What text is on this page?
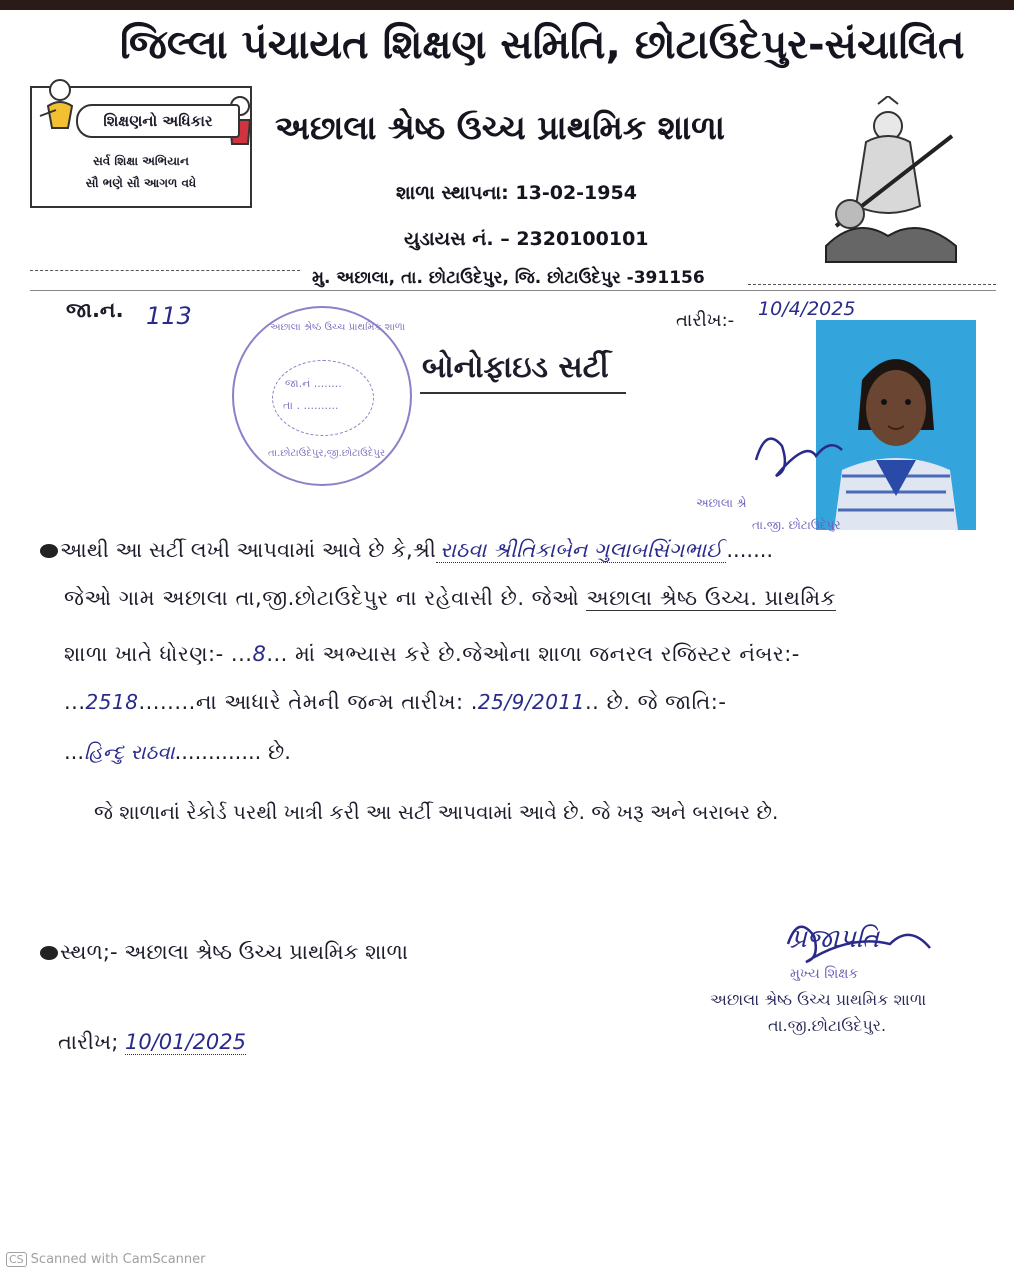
જિલ્લા પંચાયત શિક્ષણ સમિતિ, છોટાઉદેપુર-સંચાલિત
શિક્ષણનો અધિકાર
સર્વ શિક્ષા અભિયાન
સૌ ભણે સૌ આગળ વધે
અછાલા શ્રેષ્ઠ ઉચ્ચ પ્રાથમિક શાળા
શાળા સ્થાપના: 13-02-1954
યુડાયસ નં. – 2320100101
મુ. અછાલા, તા. છોટાઉદેપુર, જિ. છોટાઉદેપુર -391156
જા.ન. 113	તારીખ:-
10/4/2025
અછાલા શ્રેષ્ઠ ઉચ્ચ પ્રાથમિક શાળા
જા.નં ........
તા . ..........
તા.છોટાઉદેપુર,જી.છોટાઉદેપુર
બોનોફાઇડ સર્ટી
અછાલા શ્રે
તા.જી. છોટાઉદેપુર
આથી આ સર્ટી લખી આપવામાં આવે છે કે,શ્રી રાઠવા શ્રીતિકાબેન ગુલાબસિંગભાઈ .......
જેઓ ગામ અછાલા તા,જી.છોટાઉદેપુર ના રહેવાસી છે. જેઓ અછાલા શ્રેષ્ઠ ઉચ્ચ. પ્રાથમિક
શાળા ખાતે ધોરણ:- ...8... માં અભ્યાસ કરે છે.જેઓના શાળા જનરલ રજિસ્ટર નંબર:-
...2518........ના આધારે તેમની જન્મ તારીખ: .25/9/2011.. છે. જે જાતિ:-
...હિન્દુ રાઠવા............. છે.
જે શાળાનાં રેકોર્ડ પરથી ખાત્રી કરી આ સર્ટી આપવામાં આવે છે. જે ખરૂ અને બરાબર છે.
સ્થળ;- અછાલા શ્રેષ્ઠ ઉચ્ચ પ્રાથમિક શાળા
તારીખ; 10/01/2025
પ્રજાપતિ
મુખ્ય શિક્ષક
અછાલા શ્રેષ્ઠ ઉચ્ચ પ્રાથમિક શાળા
તા.જી.છોટાઉદેપુર.
CS Scanned with CamScanner
